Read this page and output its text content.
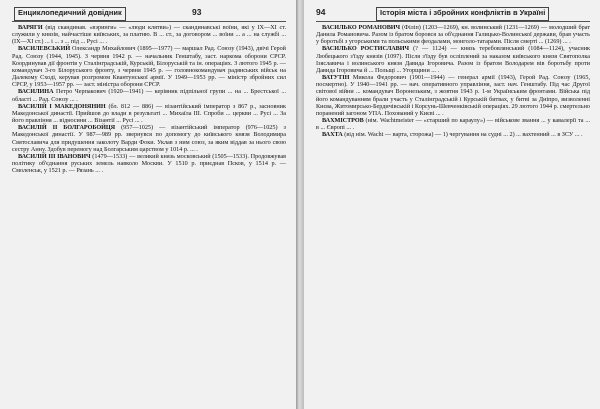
Енциклопедичний довідник	93

ВАРЯГИ (від скандинав. «вэринги» — «люди клятви») — скандинавські воїни, які у IX—XI ст. служили у князів, найчастіше київських, за платню. В ... ст., за договором ... воїни ... а ... на службі ... (IX—XI ст.) ... і ... з ... під ... Русі ... .

ВАСИЛЕВСЬКИЙ Олександр Михайлович (1895—1977) — маршал Рад. Союзу (1943), двічі Герой Рад. Союзу (1944, 1945). З червня 1942 р. — начальник Генштабу, заст. наркома оборони СРСР. Координував дії фронтів у Сталінградській, Курській, Білоруській та ін. операціях. З лютого 1945 р. — командувач 3-го Білоруського фронту, з червня 1945 р. — головнокомандувач радянських військ на Далекому Сході, керував розгромом Квантунської армії. У 1949—1953 рр. — міністр збройних сил СРСР, у 1953—1957 рр. — заст. міністра оборони СРСР.

ВАСИЛИНА Петро Черпакович (1920—1941) — керівник підпільної групи ... на ... Брестської ... області ... Рад. Союзу ... .

ВАСИЛІЙ І МАКЕДОНЯНИН (бл. 812 — 886) — візантійський імператор з 867 р., засновник Македонської династії. Прийшов до влади в результаті ... Михаїла III. Спроби ... церкви ... Русі ... За його правління ... відносини ... Візантії ... Русі ... .

ВАСИЛІЙ ІІ БОЛГАРОБОЙЦЯ (957—1025) — візантійський імператор (976—1025) з Македонської династії. У 987—989 рр. звернувся по допомогу до київського князя Володимира Святославича для придушення заколоту Варди Фоки. Уклав з ним союз, за яким віддав за нього свою сестру Анну. Здобув перемогу над Болгарським царством у 1014 р. ... .

ВАСИЛІЙ ІІІ ІВАНОВИЧ (1479—1533) — великий князь московський (1505—1533). Продовжував політику об'єднання руських земель навколо Москви. У 1510 р. приєднав Псков, у 1514 р. — Смоленськ, у 1521 р. — Рязань ... .

94	Історія міста і збройних конфліктів в Україні

ВАСИЛЬКО РОМАНОВИЧ (Філіп) (1203—1269), кн. волинський (1231—1269) — молодший брат Данила Романовича. Разом із братом боровся за об'єднання Галицько-Волинської держави, брав участь у боротьбі з угорськими та польськими феодалами, монголо-татарами. Після смерті ... (1269) ... .

ВАСИЛЬКО РОСТИСЛАВИЧ (? — 1124) — князь теребовлянський (1084—1124), учасник Любецького з'їзду князів (1097). Після з'їзду був осліплений за наказом київського князя Святополка Ізяславича і волинського князя Давида Ігоровича. Разом із братом Володарем вів боротьбу проти Давида Ігоровича й ... Польщі ... Угорщини ... .

ВАТУТІН Микола Федорович (1901—1944) — генерал армії (1943), Герой Рад. Союзу (1965, посмертно). У 1940—1941 рр. — нач. оперативного управління, заст. нач. Генштабу. Під час Другої світової війни ... командувач Воронезьким, з жовтня 1943 р. 1-м Українським фронтами. Війська під його командуванням брали участь у Сталінградській і Курській битвах, у битві за Дніпро, визволенні Києва, Житомирсько-Бердичівській і Корсунь-Шевченківській операціях. 29 лютого 1944 р. смертельно поранений загоном УПА. Похований у Києві ... .

ВАХМІСТРОВ (нім. Wachtmeister — «старший по караулу») — військове звання ... у кавалерії та ... в ... Європі ... .

ВАХТА (від нім. Wacht — варта, сторожа) — 1) чергування на судні ... 2) ... вахтенний ... в ЗСУ ... .
